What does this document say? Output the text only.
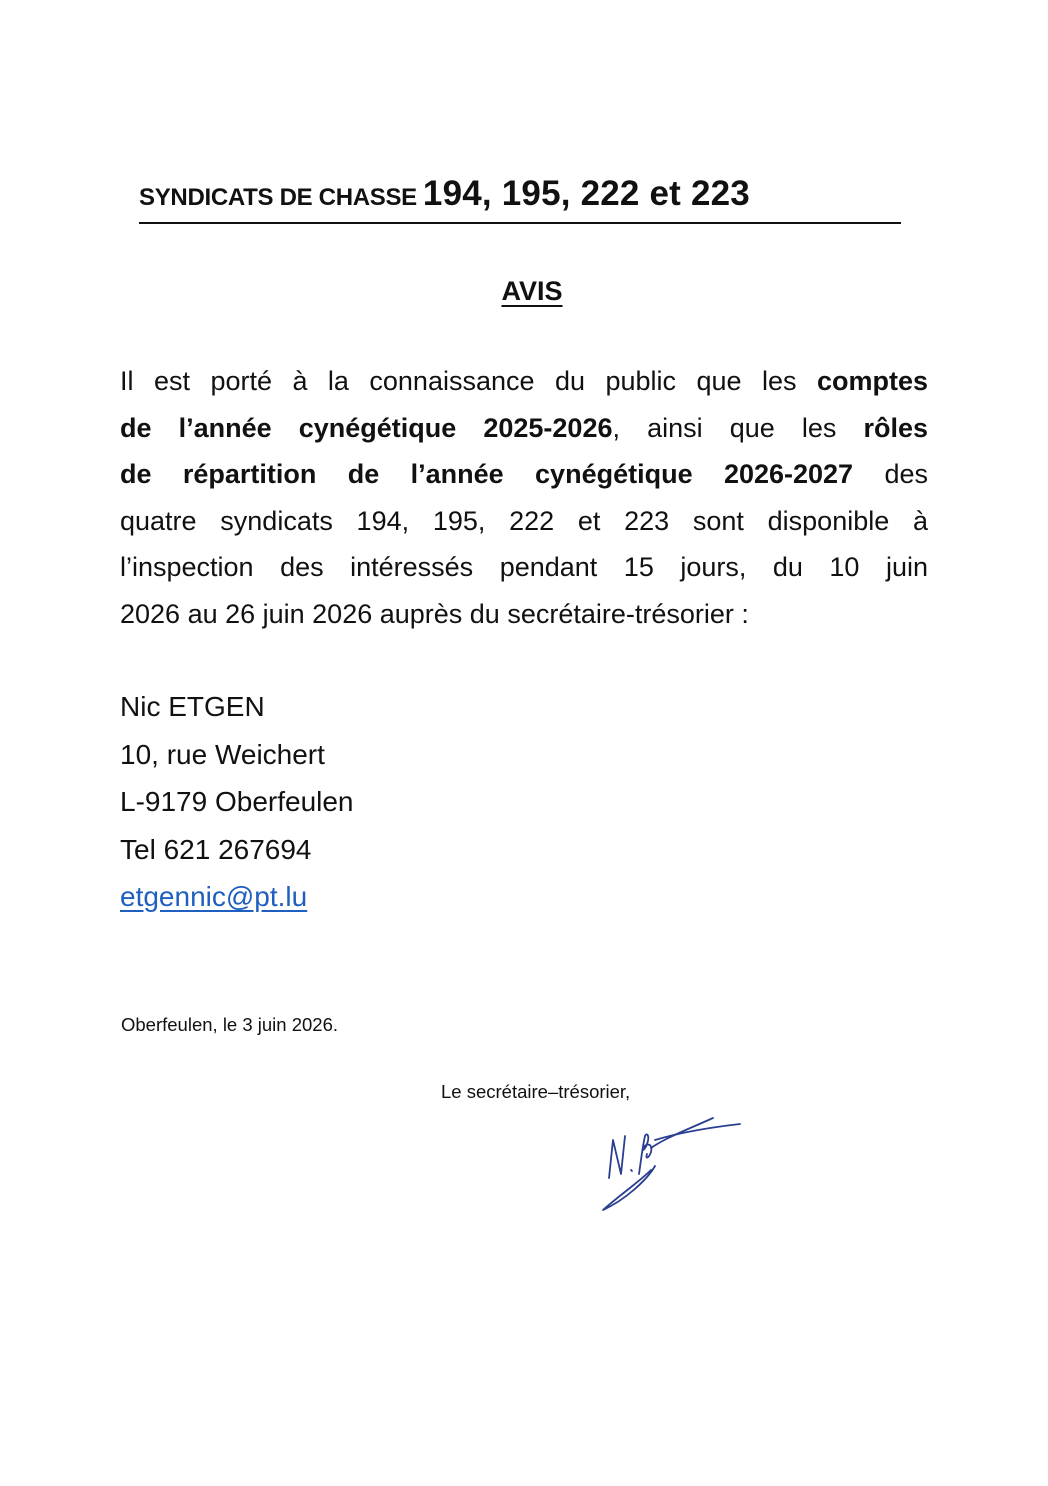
SYNDICATS DE CHASSE 194, 195, 222 et 223
AVIS
Il est porté à la connaissance du public que les comptes
de l’année cynégétique 2025-2026, ainsi que les rôles
de répartition de l’année cynégétique 2026-2027 des
quatre syndicats 194, 195, 222 et 223 sont disponible à
l’inspection des intéressés pendant 15 jours, du 10 juin
2026 au 26 juin 2026 auprès du secrétaire-trésorier :
Nic ETGEN
10, rue Weichert
L-9179 Oberfeulen
Tel 621 267694
etgennic@pt.lu
Oberfeulen, le 3 juin 2026.
Le secrétaire–trésorier,
